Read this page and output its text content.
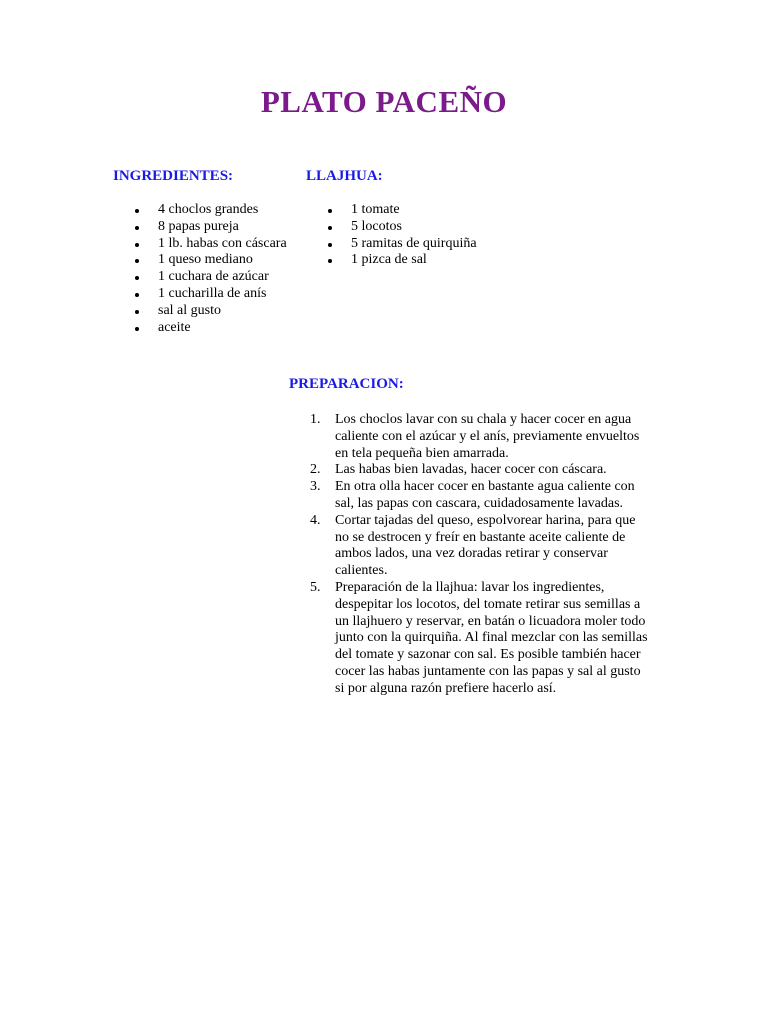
PLATO PACEÑO
INGREDIENTES:	LLAJHUA:
4 choclos grandes
8 papas pureja
1 lb. habas con cáscara
1 queso mediano
1 cuchara de azúcar
1 cucharilla de anís
sal al gusto
aceite
1 tomate
5 locotos
5 ramitas de quirquiña
1 pizca de sal
PREPARACION:
1. Los choclos lavar con su chala y hacer cocer en agua caliente con el azúcar y el anís, previamente envueltos en tela pequeña bien amarrada.
2. Las habas bien lavadas, hacer cocer con cáscara.
3. En otra olla hacer cocer en bastante agua caliente con sal, las papas con cascara, cuidadosamente lavadas.
4. Cortar tajadas del queso, espolvorear harina, para que no se destrocen y freír en bastante aceite caliente de ambos lados, una vez doradas retirar y conservar calientes.
5. Preparación de la llajhua: lavar los ingredientes, despepitar los locotos, del tomate retirar sus semillas a un llajhuero y reservar, en batán o licuadora moler todo junto con la quirquiña. Al final mezclar con las semillas del tomate y sazonar con sal. Es posible también hacer cocer las habas juntamente con las papas y sal al gusto si por alguna razón prefiere hacerlo así.
